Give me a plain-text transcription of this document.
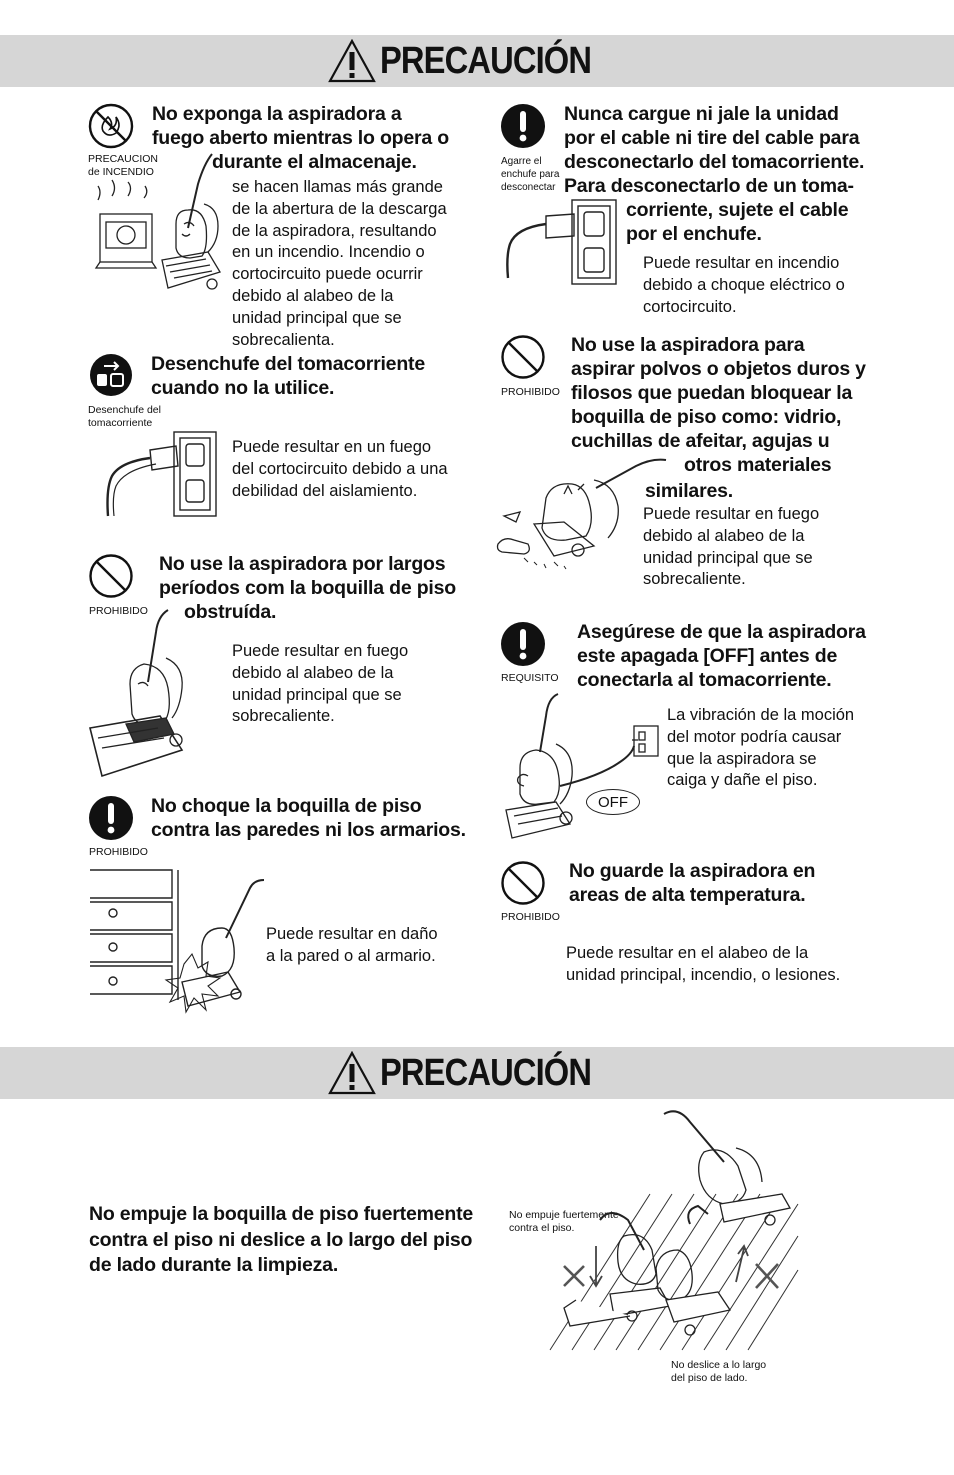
PRECAUCIÓN
PRECAUCION
de INCENDIO
No exponga la aspiradora a
fuego aberto mientras lo opera o
durante el almacenaje.
se hacen llamas más grande
de la abertura de la descarga
de la aspiradora, resultando
en un incendio. Incendio o
cortocircuito puede ocurrir
debido al alabeo de la
unidad principal que se
sobrecalienta.
Desenchufe del
tomacorriente
Desenchufe del tomacorriente
cuando no la utilice.
Puede resultar en un fuego
del cortocircuito debido a una
debilidad del aislamiento.
PROHIBIDO
No use la aspiradora por largos
períodos com la boquilla de piso
obstruída.
Puede resultar en fuego
debido al alabeo de la
unidad principal que se
sobrecaliente.
PROHIBIDO
No choque la boquilla de piso
contra las paredes ni los armarios.
Puede resultar en daño
a la pared o al armario.
Agarre el
enchufe para
desconectar
Nunca cargue ni jale la unidad
por el cable ni tire del cable para
desconectarlo del tomacorriente.
Para desconectarlo de un toma-
corriente, sujete el cable
por el enchufe.
Puede resultar en incendio
debido a choque eléctrico o
cortocircuito.
PROHIBIDO
No use la aspiradora para
aspirar polvos o objetos duros y
filosos que puedan bloquear la
boquilla de piso como: vidrio,
cuchillas de afeitar, agujas u
otros materiales
similares.
Puede resultar en fuego
debido al alabeo de la
unidad principal que se
sobrecaliente.
REQUISITO
Asegúrese de que la aspiradora
este apagada [OFF] antes de
conectarla al tomacorriente.
OFF
La vibración de la moción
del motor podría causar
que la aspiradora se
caiga y dañe el piso.
PROHIBIDO
No guarde la aspiradora en
areas de alta temperatura.
Puede resultar en el alabeo de la
unidad principal, incendio, o lesiones.
PRECAUCIÓN
No empuje la boquilla de piso fuertemente
contra el piso ni deslice a lo largo del piso
de lado durante la limpieza.
No empuje fuertemente
contra el piso.
No deslice a lo largo
del piso de lado.
